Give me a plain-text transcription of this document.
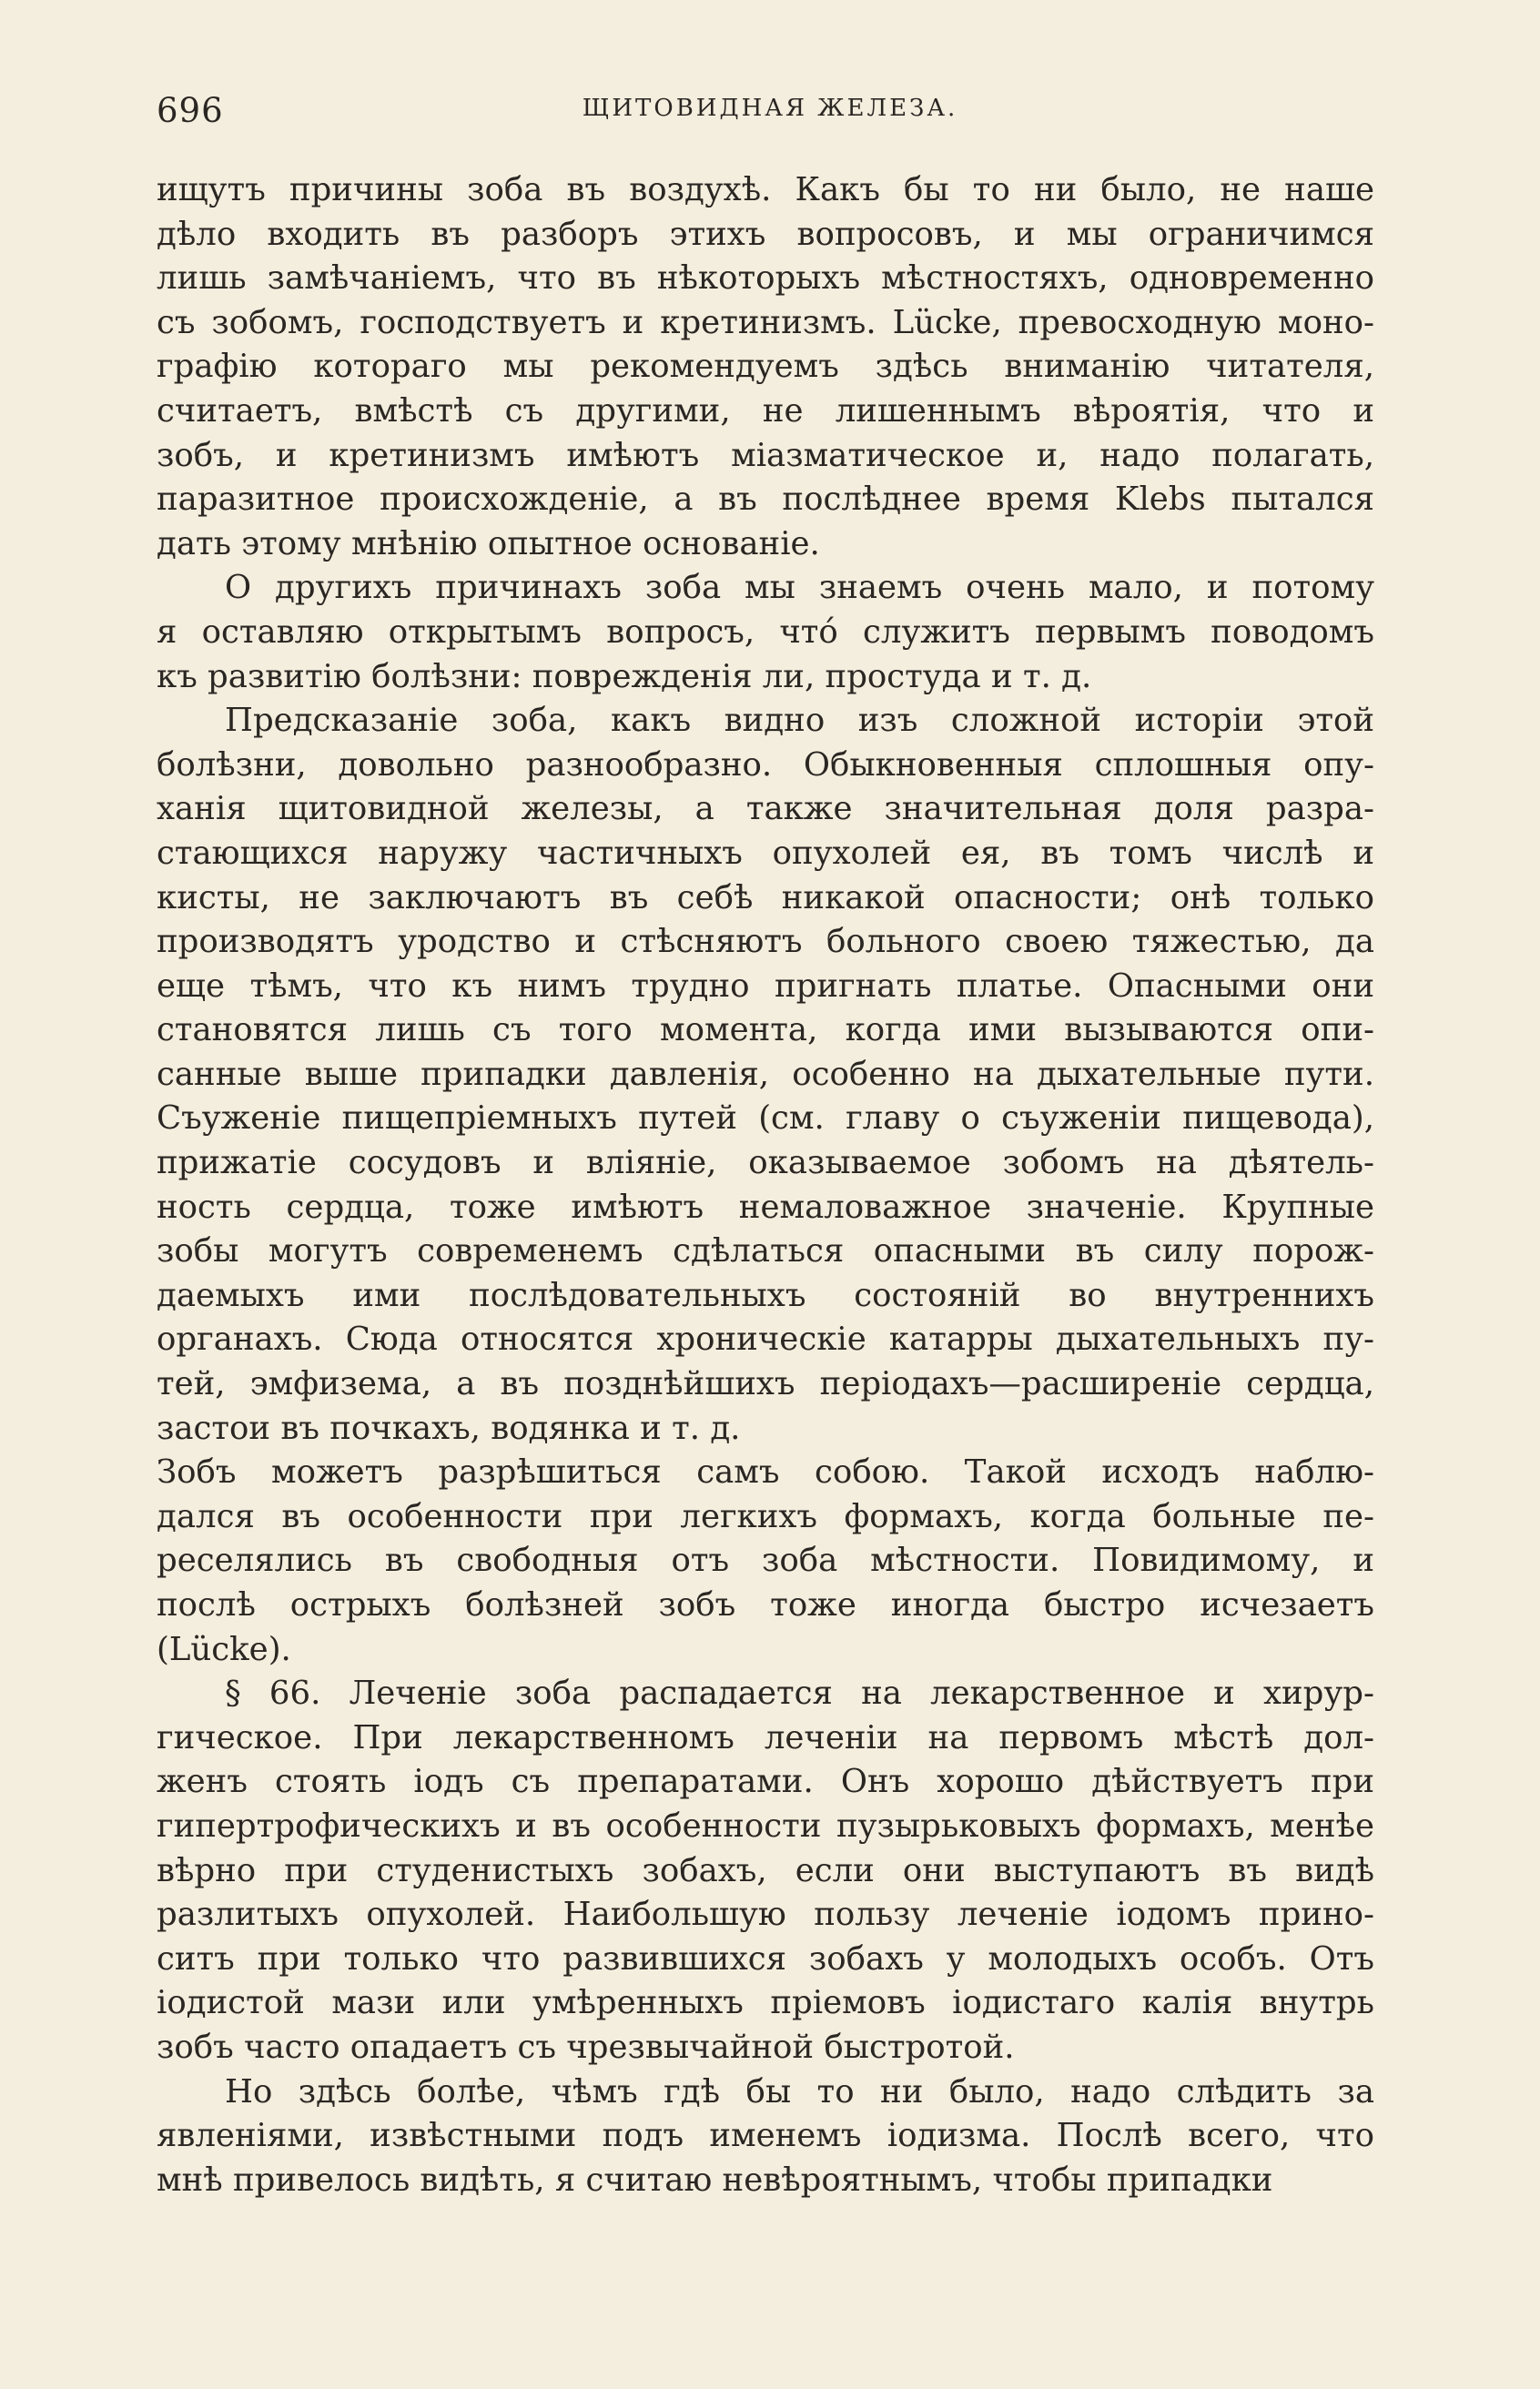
696	ЩИТОВИДНАЯ ЖЕЛЕЗА.
ищутъ причины зоба въ воздухѣ. Какъ бы то ни было, не наше
дѣло входить въ разборъ этихъ вопросовъ, и мы ограничимся
лишь замѣчаніемъ, что въ нѣкоторыхъ мѣстностяхъ, одновременно
съ зобомъ, господствуетъ и кретинизмъ. Lücke, превосходную моно-
графію котораго мы рекомендуемъ здѣсь вниманію читателя,
считаетъ, вмѣстѣ съ другими, не лишеннымъ вѣроятія, что и
зобъ, и кретинизмъ имѣютъ міазматическое и, надо полагать,
паразитное происхожденіе, а въ послѣднее время Klebs пытался
дать этому мнѣнію опытное основаніе.
О другихъ причинахъ зоба мы знаемъ очень мало, и потому
я оставляю открытымъ вопросъ, что́ служитъ первымъ поводомъ
къ развитію болѣзни: поврежденія ли, простуда и т. д.
Предсказаніе зоба, какъ видно изъ сложной исторіи этой
болѣзни, довольно разнообразно. Обыкновенныя сплошныя опу-
ханія щитовидной железы, а также значительная доля разра-
стающихся наружу частичныхъ опухолей ея, въ томъ числѣ и
кисты, не заключаютъ въ себѣ никакой опасности; онѣ только
производятъ уродство и стѣсняютъ больного своею тяжестью, да
еще тѣмъ, что къ нимъ трудно пригнать платье. Опасными они
становятся лишь съ того момента, когда ими вызываются опи-
санные выше припадки давленія, особенно на дыхательные пути.
Съуженіе пищепріемныхъ путей (см. главу о съуженіи пищевода),
прижатіе сосудовъ и вліяніе, оказываемое зобомъ на дѣятель-
ность сердца, тоже имѣютъ немаловажное значеніе. Крупные
зобы могутъ современемъ сдѣлаться опасными въ силу порож-
даемыхъ ими послѣдовательныхъ состояній во внутреннихъ
органахъ. Сюда относятся хроническіе катарры дыхательныхъ пу-
тей, эмфизема, а въ позднѣйшихъ періодахъ—расширеніе сердца,
застои въ почкахъ, водянка и т. д.
Зобъ можетъ разрѣшиться самъ собою. Такой исходъ наблю-
дался въ особенности при легкихъ формахъ, когда больные пе-
реселялись въ свободныя отъ зоба мѣстности. Повидимому, и
послѣ острыхъ болѣзней зобъ тоже иногда быстро исчезаетъ
(Lücke).
§ 66. Леченіе зоба распадается на лекарственное и хирур-
гическое. При лекарственномъ леченіи на первомъ мѣстѣ дол-
женъ стоять іодъ съ препаратами. Онъ хорошо дѣйствуетъ при
гипертрофическихъ и въ особенности пузырьковыхъ формахъ, менѣе
вѣрно при студенистыхъ зобахъ, если они выступаютъ въ видѣ
разлитыхъ опухолей. Наибольшую пользу леченіе іодомъ прино-
ситъ при только что развившихся зобахъ у молодыхъ особъ. Отъ
іодистой мази или умѣренныхъ пріемовъ іодистаго калія внутрь
зобъ часто опадаетъ съ чрезвычайной быстротой.
Но здѣсь болѣе, чѣмъ гдѣ бы то ни было, надо слѣдить за
явленіями, извѣстными подъ именемъ іодизма. Послѣ всего, что
мнѣ привелось видѣть, я считаю невѣроятнымъ, чтобы припадки
